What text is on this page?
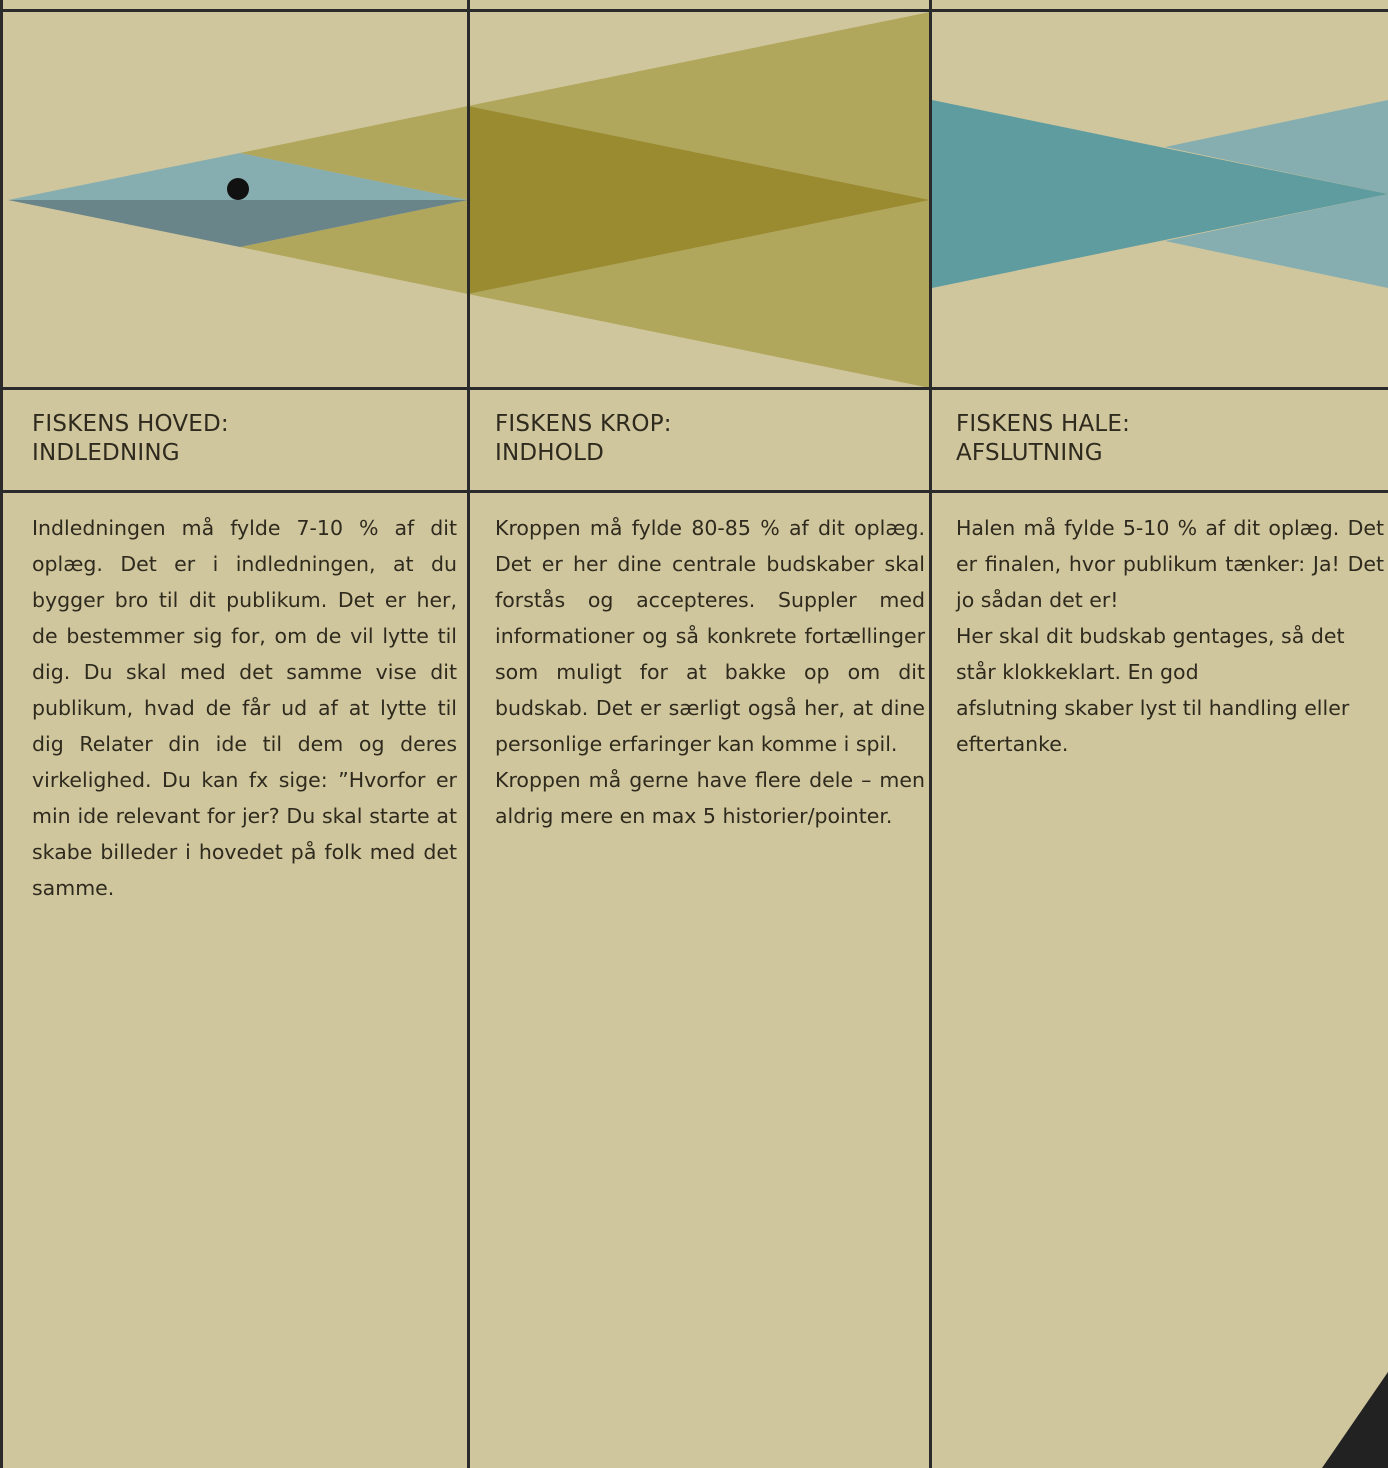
FISKENS HOVED:
INDLEDNING
FISKENS KROP:
INDHOLD
FISKENS HALE:
AFSLUTNING

Indledningen må fylde 7-10 % af dit oplæg. Det er i indledningen, at du bygger bro til dit publikum. Det er her, de bestemmer sig for, om de vil lytte til dig. Du skal med det samme vise dit publikum, hvad de får ud af at lytte til dig Relater din ide til dem og deres virkelighed. Du kan fx sige: ”Hvorfor er min ide relevant for jer? Du skal starte at skabe billeder i hovedet på folk med det samme.

Kroppen må fylde 80-85 % af dit oplæg. Det er her dine centrale budskaber skal forstås og accepteres. Suppler med informationer og så konkrete fortællinger som muligt for at bakke op om dit budskab. Det er særligt også her, at dine personlige erfaringer kan komme i spil.

Kroppen må gerne have flere dele – men aldrig mere en max 5 historier/pointer.

Halen må fylde 5-10 % af dit oplæg. Det er finalen, hvor publikum tænker: Ja! Det jo sådan det er!

Her skal dit budskab gentages, så det står klokkeklart. En god

afslutning skaber lyst til handling eller eftertanke.
